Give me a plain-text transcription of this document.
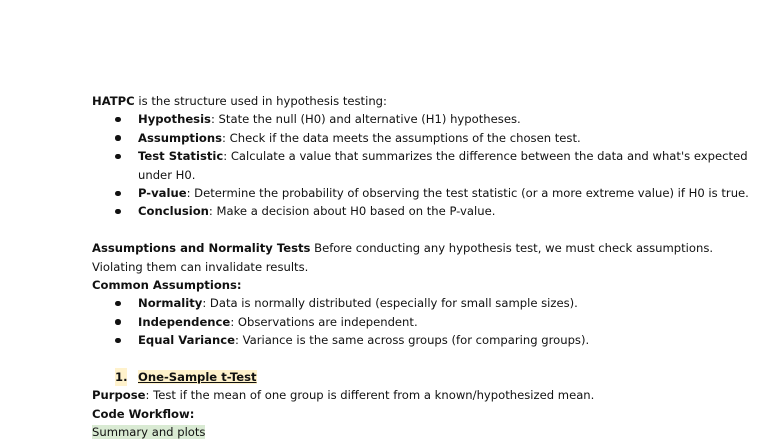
HATPC is the structure used in hypothesis testing:
Hypothesis: State the null (H0) and alternative (H1) hypotheses.
Assumptions: Check if the data meets the assumptions of the chosen test.
Test Statistic: Calculate a value that summarizes the difference between the data and what's expected under H0.
P-value: Determine the probability of observing the test statistic (or a more extreme value) if H0 is true.
Conclusion: Make a decision about H0 based on the P-value.
Assumptions and Normality Tests Before conducting any hypothesis test, we must check assumptions. Violating them can invalidate results.
Common Assumptions:
Normality: Data is normally distributed (especially for small sample sizes).
Independence: Observations are independent.
Equal Variance: Variance is the same across groups (for comparing groups).
1. One-Sample t-Test
Purpose: Test if the mean of one group is different from a known/hypothesized mean.
Code Workflow:
Summary and plots
